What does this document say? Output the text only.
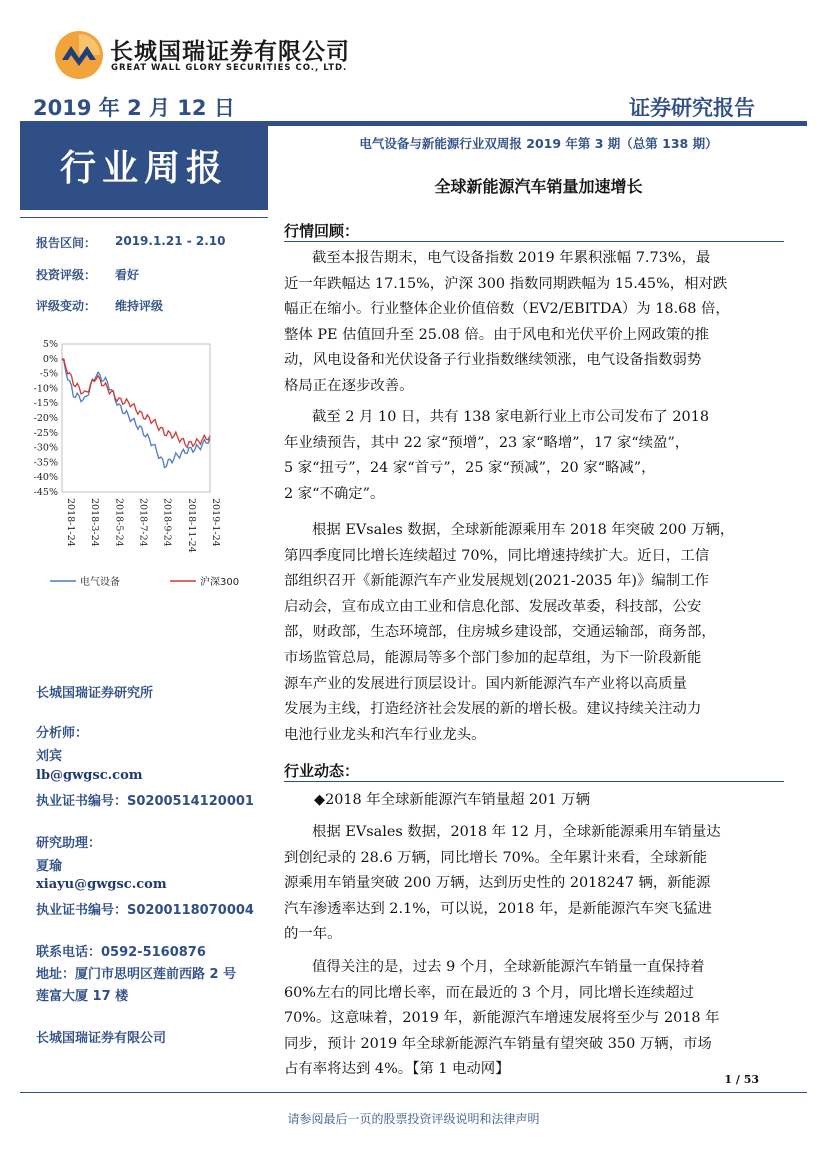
长城国瑞证券有限公司
GREAT WALL GLORY SECURITIES CO., LTD.
2019 年 2 月 12 日	证券研究报告
行业周报
报告区间： 2019.1.21 - 2.10
投资评级： 看好
评级变动： 维持评级
5%
0%
-5%
-10%
-15%
-20%
-25%
-30%
-35%
-40%
-45%
2018-1-24 2018-3-24 2018-5-24 2018-7-24 2018-9-24 2018-11-24 2019-1-24
电气设备	沪深300
长城国瑞证券研究所
分析师：
刘宾
lb@gwgsc.com
执业证书编号：S0200514120001
研究助理：
夏瑜
xiayu@gwgsc.com
执业证书编号：S0200118070004
联系电话：0592-5160876
地址：厦门市思明区莲前西路 2 号
莲富大厦 17 楼
长城国瑞证券有限公司
电气设备与新能源行业双周报 2019 年第 3 期（总第 138 期）
全球新能源汽车销量加速增长
行情回顾：
截至本报告期末，电气设备指数 2019 年累积涨幅 7.73%，最
近一年跌幅达 17.15%，沪深 300 指数同期跌幅为 15.45%，相对跌
幅正在缩小。行业整体企业价值倍数（EV2/EBITDA）为 18.68 倍，
整体 PE 估值回升至 25.08 倍。由于风电和光伏平价上网政策的推
动，风电设备和光伏设备子行业指数继续领涨，电气设备指数弱势
格局正在逐步改善。
截至 2 月 10 日，共有 138 家电新行业上市公司发布了 2018
年业绩预告，其中 22 家“预增”，23 家“略增”，17 家“续盈”，
5 家“扭亏”，24 家“首亏”，25 家“预减”，20 家“略减”，
2 家“不确定”。
根据 EVsales 数据，全球新能源乘用车 2018 年突破 200 万辆，
第四季度同比增长连续超过 70%，同比增速持续扩大。近日，工信
部组织召开《新能源汽车产业发展规划(2021-2035 年)》编制工作
启动会，宣布成立由工业和信息化部、发展改革委，科技部，公安
部，财政部，生态环境部，住房城乡建设部，交通运输部，商务部，
市场监管总局，能源局等多个部门参加的起草组，为下一阶段新能
源车产业的发展进行顶层设计。国内新能源汽车产业将以高质量
发展为主线，打造经济社会发展的新的增长极。建议持续关注动力
电池行业龙头和汽车行业龙头。
行业动态：
◆2018 年全球新能源汽车销量超 201 万辆
根据 EVsales 数据，2018 年 12 月，全球新能源乘用车销量达
到创纪录的 28.6 万辆，同比增长 70%。全年累计来看，全球新能
源乘用车销量突破 200 万辆，达到历史性的 2018247 辆，新能源
汽车渗透率达到 2.1%，可以说，2018 年，是新能源汽车突飞猛进
的一年。
值得关注的是，过去 9 个月，全球新能源汽车销量一直保持着
60%左右的同比增长率，而在最近的 3 个月，同比增长连续超过
70%。这意味着，2019 年，新能源汽车增速发展将至少与 2018 年
同步，预计 2019 年全球新能源汽车销量有望突破 350 万辆，市场
占有率将达到 4%。【第 1 电动网】
1 / 53
请参阅最后一页的股票投资评级说明和法律声明
